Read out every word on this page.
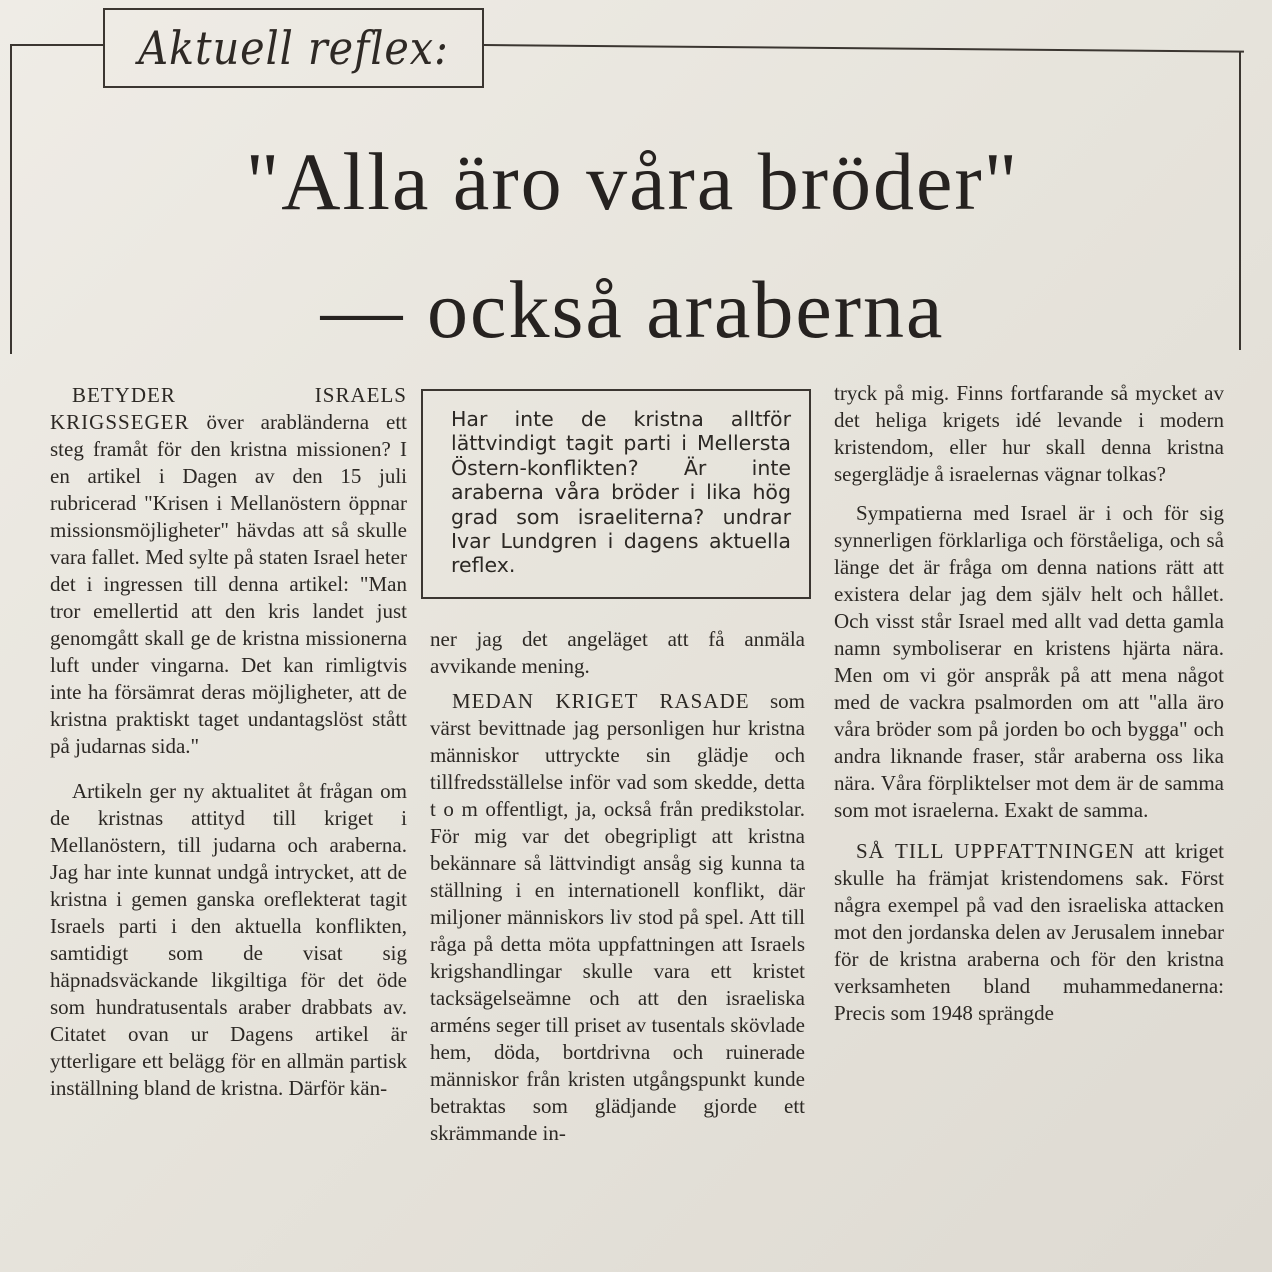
Aktuell reflex:
"Alla äro våra bröder"
— också araberna

BETYDER ISRAELS KRIGSSEGER över arabländerna ett steg framåt för den kristna missionen? I en artikel i Dagen av den 15 juli rubricerad "Krisen i Mellanöstern öppnar missionsmöjligheter" hävdas att så skulle vara fallet. Med sylte på staten Israel heter det i ingressen till denna artikel: "Man tror emellertid att den kris landet just genomgått skall ge de kristna missionerna luft under vingarna. Det kan rimligtvis inte ha försämrat deras möjligheter, att de kristna praktiskt taget undantagslöst stått på judarnas sida."

Artikeln ger ny aktualitet åt frågan om de kristnas attityd till kriget i Mellanöstern, till judarna och araberna. Jag har inte kunnat undgå intrycket, att de kristna i gemen ganska oreflekterat tagit Israels parti i den aktuella konflikten, samtidigt som de visat sig häpnadsväckande likgiltiga för det öde som hundratusentals araber drabbats av. Citatet ovan ur Dagens artikel är ytterligare ett belägg för en allmän partisk inställning bland de kristna. Därför kän-

Har inte de kristna alltför lättvindigt tagit parti i Mellersta Östern-konflikten? Är inte araberna våra bröder i lika hög grad som israeliterna? undrar Ivar Lundgren i dagens aktuella reflex.

ner jag det angeläget att få anmäla avvikande mening.

MEDAN KRIGET RASADE som värst bevittnade jag personligen hur kristna människor uttryckte sin glädje och tillfredsställelse inför vad som skedde, detta t o m offentligt, ja, också från predikstolar. För mig var det obegripligt att kristna bekännare så lättvindigt ansåg sig kunna ta ställning i en internationell konflikt, där miljoner människors liv stod på spel. Att till råga på detta möta uppfattningen att Israels krigshandlingar skulle vara ett kristet tacksägelseämne och att den israeliska arméns seger till priset av tusentals skövlade hem, döda, bortdrivna och ruinerade människor från kristen utgångspunkt kunde betraktas som glädjande gjorde ett skrämmande in-

tryck på mig. Finns fortfarande så mycket av det heliga krigets idé levande i modern kristendom, eller hur skall denna kristna segerglädje å israelernas vägnar tolkas?

Sympatierna med Israel är i och för sig synnerligen förklarliga och förståeliga, och så länge det är fråga om denna nations rätt att existera delar jag dem själv helt och hållet. Och visst står Israel med allt vad detta gamla namn symboliserar en kristens hjärta nära. Men om vi gör anspråk på att mena något med de vackra psalmorden om att "alla äro våra bröder som på jorden bo och bygga" och andra liknande fraser, står araberna oss lika nära. Våra förpliktelser mot dem är de samma som mot israelerna. Exakt de samma.

SÅ TILL UPPFATTNINGEN att kriget skulle ha främjat kristendomens sak. Först några exempel på vad den israeliska attacken mot den jordanska delen av Jerusalem innebar för de kristna araberna och för den kristna verksamheten bland muhammedanerna: Precis som 1948 sprängde
